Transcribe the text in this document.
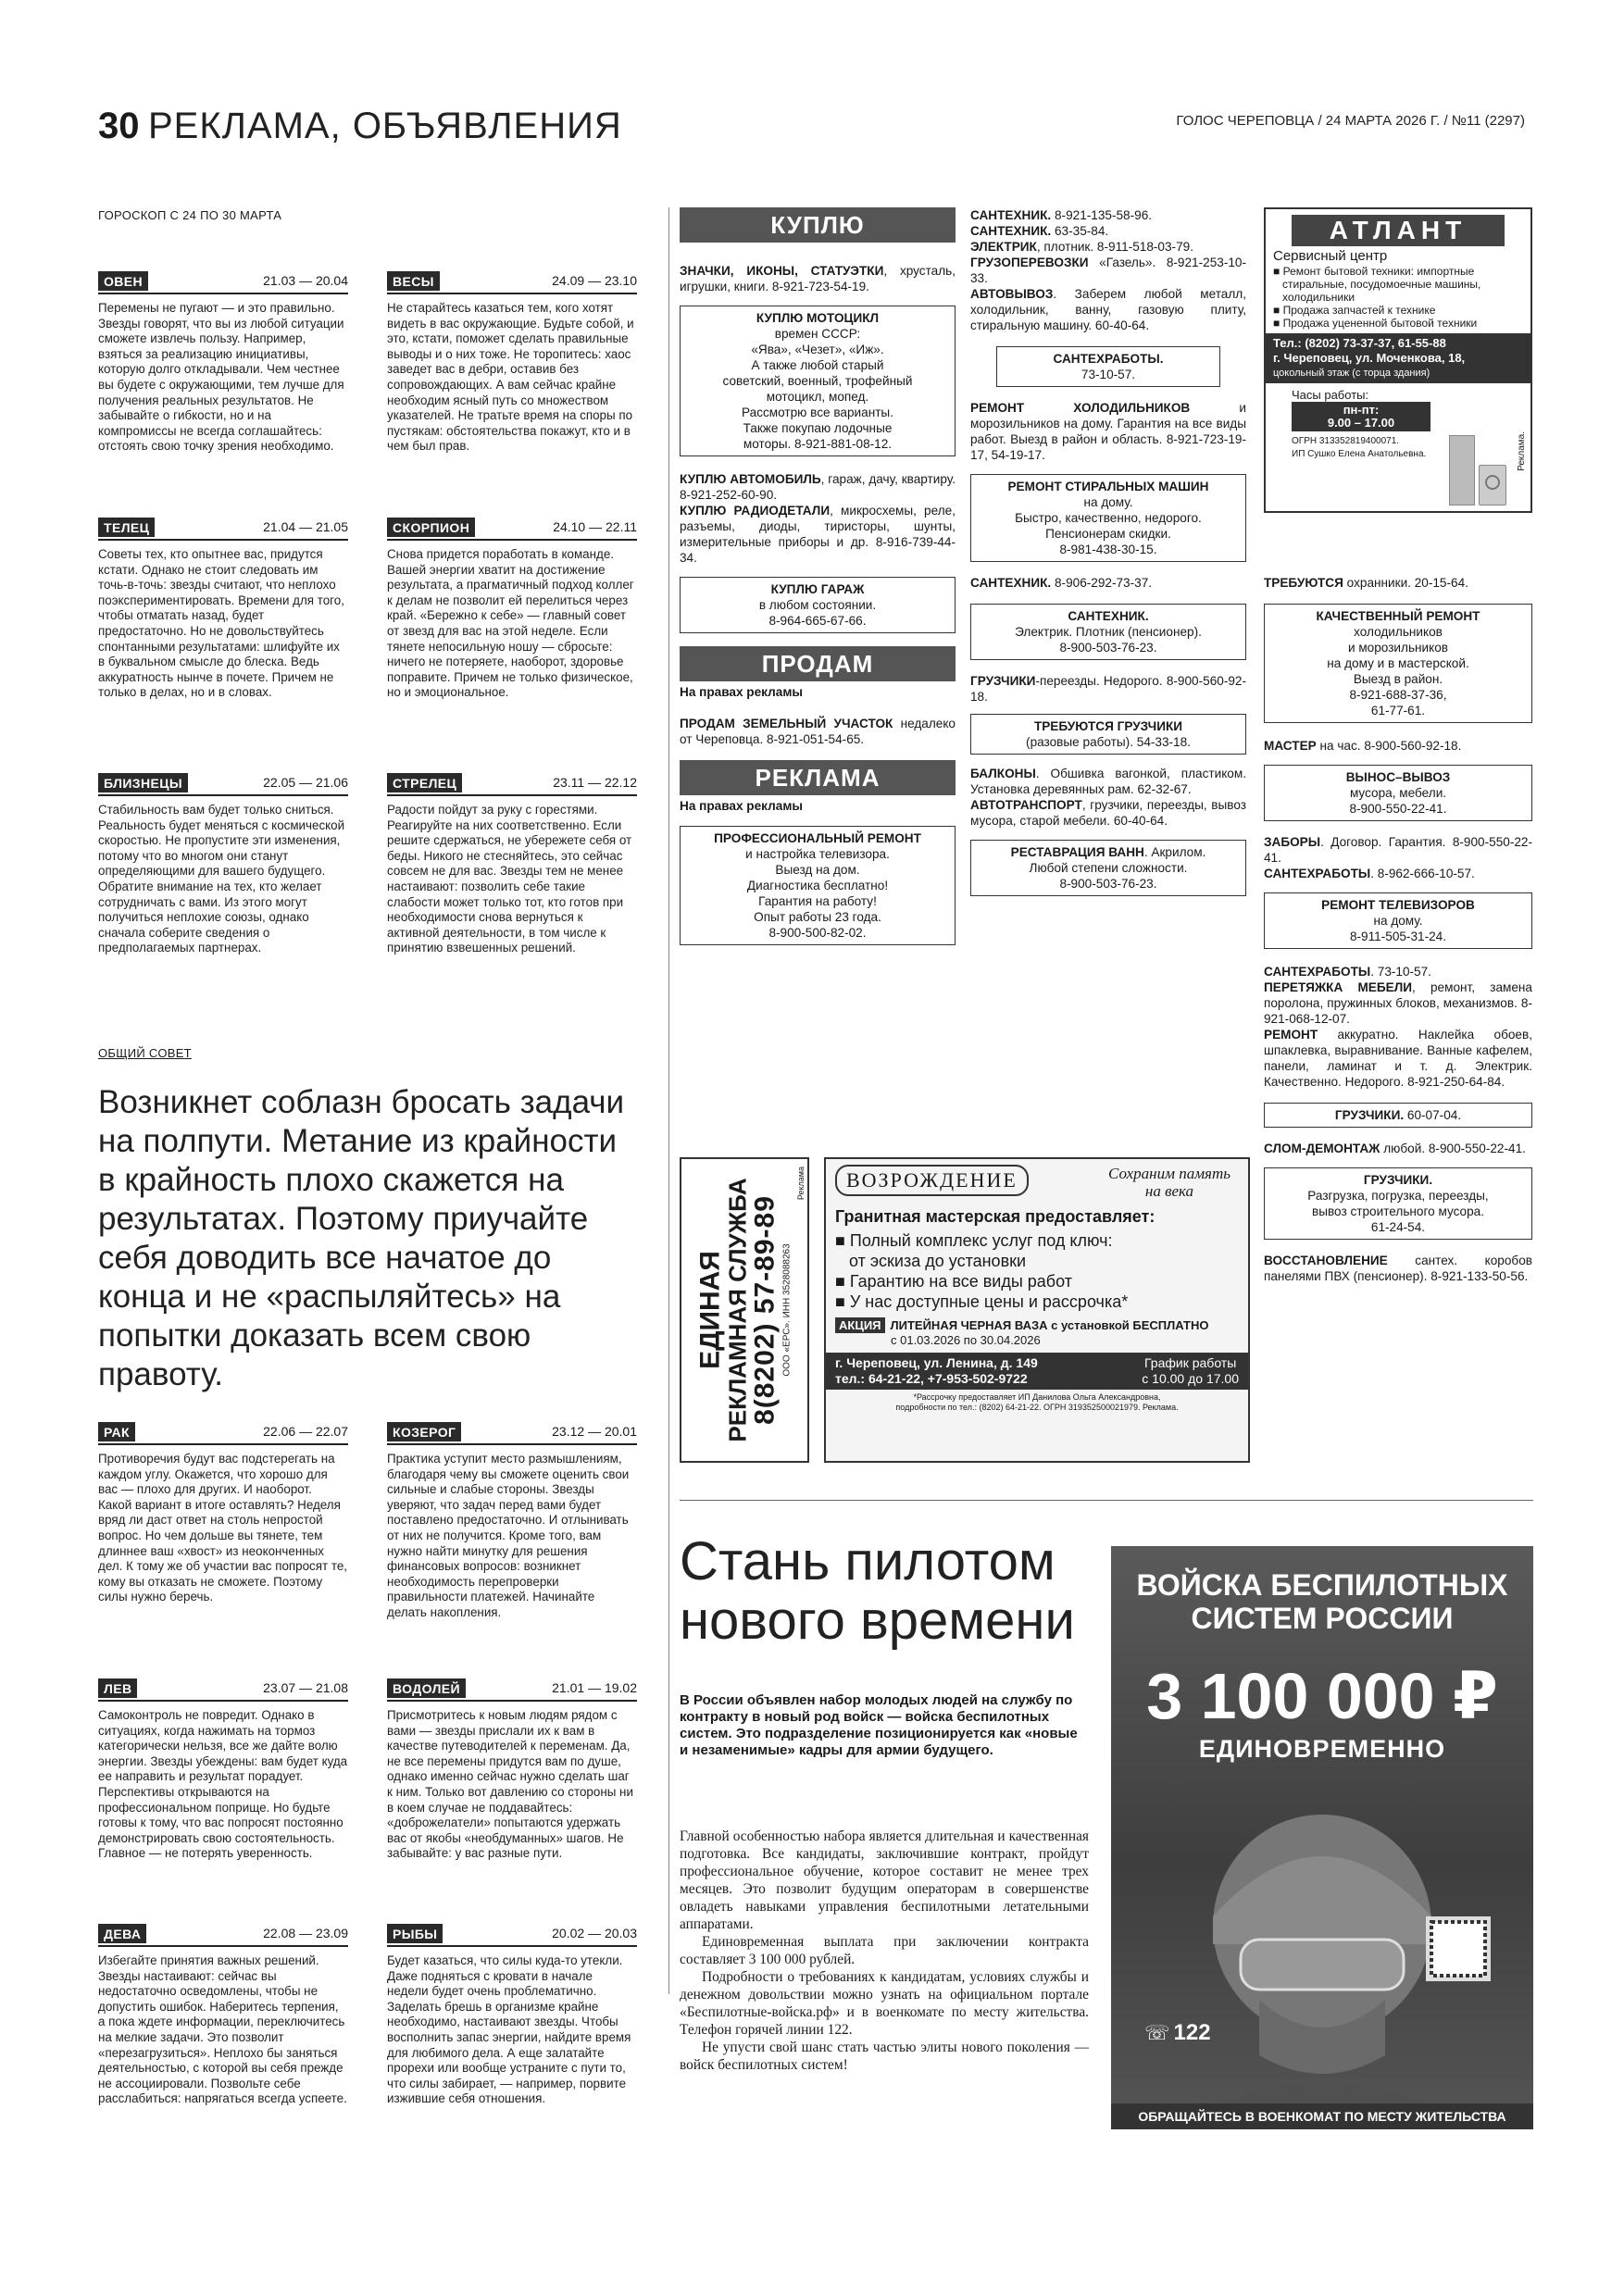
30 РЕКЛАМА, ОБЪЯВЛЕНИЯ	ГОЛОС ЧЕРЕПОВЦА / 24 МАРТА 2026 Г. / №11 (2297)
ГОРОСКОП С 24 ПО 30 МАРТА
ОВЕН	21.03 — 20.04
Перемены не пугают — и это правильно. Звезды говорят, что вы из любой ситуации сможете извлечь пользу. Например, взяться за реализацию инициативы, которую долго откладывали. Чем честнее вы будете с окружающими, тем лучше для получения реальных результатов. Не забывайте о гибкости, но и на компромиссы не всегда соглашайтесь: отстоять свою точку зрения необходимо.
ВЕСЫ	24.09 — 23.10
Не старайтесь казаться тем, кого хотят видеть в вас окружающие. Будьте собой, и это, кстати, поможет сделать правильные выводы и о них тоже. Не торопитесь: хаос заведет вас в дебри, оставив без сопровождающих. А вам сейчас крайне необходим ясный путь со множеством указателей. Не тратьте время на споры по пустякам: обстоятельства покажут, кто и в чем был прав.
ТЕЛЕЦ	21.04 — 21.05
Советы тех, кто опытнее вас, придутся кстати. Однако не стоит следовать им точь-в-точь: звезды считают, что неплохо поэкспериментировать. Времени для того, чтобы отматать назад, будет предостаточно. Но не довольствуйтесь спонтанными результатами: шлифуйте их в буквальном смысле до блеска. Ведь аккуратность нынче в почете. Причем не только в делах, но и в словах.
СКОРПИОН	24.10 — 22.11
Снова придется поработать в команде. Вашей энергии хватит на достижение результата, а прагматичный подход коллег к делам не позволит ей перелиться через край. «Бережно к себе» — главный совет от звезд для вас на этой неделе. Если тянете непосильную ношу — сбросьте: ничего не потеряете, наоборот, здоровье поправите. Причем не только физическое, но и эмоциональное.
БЛИЗНЕЦЫ	22.05 — 21.06
Стабильность вам будет только сниться. Реальность будет меняться с космической скоростью. Не пропустите эти изменения, потому что во многом они станут определяющими для вашего будущего. Обратите внимание на тех, кто желает сотрудничать с вами. Из этого могут получиться неплохие союзы, однако сначала соберите сведения о предполагаемых партнерах.
СТРЕЛЕЦ	23.11 — 22.12
Радости пойдут за руку с горестями. Реагируйте на них соответственно. Если решите сдержаться, не убережете себя от беды. Никого не стесняйтесь, это сейчас совсем не для вас. Звезды тем не менее настаивают: позволить себе такие слабости может только тот, кто готов при необходимости снова вернуться к активной деятельности, в том числе к принятию взвешенных решений.
РАК	22.06 — 22.07
Противоречия будут вас подстерегать на каждом углу. Окажется, что хорошо для вас — плохо для других. И наоборот. Какой вариант в итоге оставлять? Неделя вряд ли даст ответ на столь непростой вопрос. Но чем дольше вы тянете, тем длиннее ваш «хвост» из неоконченных дел. К тому же об участии вас попросят те, кому вы отказать не сможете. Поэтому силы нужно беречь.
КОЗЕРОГ	23.12 — 20.01
Практика уступит место размышлениям, благодаря чему вы сможете оценить свои сильные и слабые стороны. Звезды уверяют, что задач перед вами будет поставлено предостаточно. И отлынивать от них не получится. Кроме того, вам нужно найти минутку для решения финансовых вопросов: возникнет необходимость перепроверки правильности платежей. Начинайте делать накопления.
ЛЕВ	23.07 — 21.08
Самоконтроль не повредит. Однако в ситуациях, когда нажимать на тормоз категорически нельзя, все же дайте волю энергии. Звезды убеждены: вам будет куда ее направить и результат порадует. Перспективы открываются на профессиональном поприще. Но будьте готовы к тому, что вас попросят постоянно демонстрировать свою состоятельность. Главное — не потерять уверенность.
ВОДОЛЕЙ	21.01 — 19.02
Присмотритесь к новым людям рядом с вами — звезды прислали их к вам в качестве путеводителей к переменам. Да, не все перемены придутся вам по душе, однако именно сейчас нужно сделать шаг к ним. Только вот давлению со стороны ни в коем случае не поддавайтесь: «доброжелатели» попытаются удержать вас от якобы «необдуманных» шагов. Не забывайте: у вас разные пути.
ДЕВА	22.08 — 23.09
Избегайте принятия важных решений. Звезды настаивают: сейчас вы недостаточно осведомлены, чтобы не допустить ошибок. Наберитесь терпения, а пока ждете информации, переключитесь на мелкие задачи. Это позволит «перезагрузиться». Неплохо бы заняться деятельностью, с которой вы себя прежде не ассоциировали. Позвольте себе расслабиться: напрягаться всегда успеете.
РЫБЫ	20.02 — 20.03
Будет казаться, что силы куда-то утекли. Даже подняться с кровати в начале недели будет очень проблематично. Заделать брешь в организме крайне необходимо, настаивают звезды. Чтобы восполнить запас энергии, найдите время для любимого дела. А еще залатайте прорехи или вообще устраните с пути то, что силы забирает, — например, порвите изжившие себя отношения.
ОБЩИЙ СОВЕТ
Возникнет соблазн бросать задачи на полпути. Метание из крайности в крайность плохо скажется на результатах. Поэтому приучайте себя доводить все начатое до конца и не «распыляйтесь» на попытки доказать всем свою правоту.
КУПЛЮ
ЗНАЧКИ, ИКОНЫ, СТАТУЭТКИ, хрусталь, игрушки, книги. 8-921-723-54-19.
КУПЛЮ МОТОЦИКЛ
времен СССР:
«Ява», «Чезет», «Иж».
А также любой старый
советский, военный, трофейный
мотоцикл, мопед.
Рассмотрю все варианты.
Также покупаю лодочные
моторы. 8-921-881-08-12.
КУПЛЮ АВТОМОБИЛЬ, гараж, дачу, квартиру. 8-921-252-60-90.
КУПЛЮ РАДИОДЕТАЛИ, микросхемы, реле, разъемы, диоды, тиристоры, шунты, измерительные приборы и др. 8-916-739-44-34.
КУПЛЮ ГАРАЖ
в любом состоянии.
8-964-665-67-66.
ПРОДАМ
На правах рекламы
ПРОДАМ ЗЕМЕЛЬНЫЙ УЧАСТОК недалеко от Череповца. 8-921-051-54-65.
РЕКЛАМА
На правах рекламы
ПРОФЕССИОНАЛЬНЫЙ РЕМОНТ
и настройка телевизора.
Выезд на дом.
Диагностика бесплатно!
Гарантия на работу!
Опыт работы 23 года.
8-900-500-82-02.
САНТЕХНИК. 8-921-135-58-96.
САНТЕХНИК. 63-35-84.
ЭЛЕКТРИК, плотник. 8-911-518-03-79.
ГРУЗОПЕРЕВОЗКИ «Газель». 8-921-253-10-33.
АВТОВЫВОЗ. Заберем любой металл, холодильник, ванну, газовую плиту, стиральную машину. 60-40-64.
САНТЕХРАБОТЫ.
73-10-57.
РЕМОНТ ХОЛОДИЛЬНИКОВ и морозильников на дому. Гарантия на все виды работ. Выезд в район и область. 8-921-723-19-17, 54-19-17.
РЕМОНТ СТИРАЛЬНЫХ МАШИН
на дому.
Быстро, качественно, недорого.
Пенсионерам скидки.
8-981-438-30-15.
САНТЕХНИК. 8-906-292-73-37.
САНТЕХНИК.
Электрик. Плотник (пенсионер).
8-900-503-76-23.
ГРУЗЧИКИ-переезды. Недорого. 8-900-560-92-18.
ТРЕБУЮТСЯ ГРУЗЧИКИ
(разовые работы). 54-33-18.
БАЛКОНЫ. Обшивка вагонкой, пластиком. Установка деревянных рам. 62-32-67.
АВТОТРАНСПОРТ, грузчики, переезды, вывоз мусора, старой мебели. 60-40-64.
РЕСТАВРАЦИЯ ВАНН. Акрилом.
Любой степени сложности.
8-900-503-76-23.
АТЛАНТ
Сервисный центр
■ Ремонт бытовой техники: импортные стиральные, посудомоечные машины, холодильники
■ Продажа запчастей к технике
■ Продажа уцененной бытовой техники
Тел.: (8202) 73-37-37, 61-55-88
г. Череповец, ул. Моченкова, 18,
цокольный этаж (с торца здания)
Часы работы:
пн-пт:
9.00 – 17.00
ОГРН 313352819400071.
ИП Сушко Елена Анатольевна.	Реклама.
ТРЕБУЮТСЯ охранники. 20-15-64.
КАЧЕСТВЕННЫЙ РЕМОНТ
холодильников
и морозильников
на дому и в мастерской.
Выезд в район.
8-921-688-37-36,
61-77-61.
МАСТЕР на час. 8-900-560-92-18.
ВЫНОС–ВЫВОЗ
мусора, мебели.
8-900-550-22-41.
ЗАБОРЫ. Договор. Гарантия. 8-900-550-22-41.
САНТЕХРАБОТЫ. 8-962-666-10-57.
РЕМОНТ ТЕЛЕВИЗОРОВ
на дому.
8-911-505-31-24.
САНТЕХРАБОТЫ. 73-10-57.
ПЕРЕТЯЖКА МЕБЕЛИ, ремонт, замена поролона, пружинных блоков, механизмов. 8-921-068-12-07.
РЕМОНТ аккуратно. Наклейка обоев, шпаклевка, выравнивание. Ванные кафелем, панели, ламинат и т. д. Электрик. Качественно. Недорого. 8-921-250-64-84.
ГРУЗЧИКИ. 60-07-04.
СЛОМ-ДЕМОНТАЖ любой. 8-900-550-22-41.
ГРУЗЧИКИ.
Разгрузка, погрузка, переезды,
вывоз строительного мусора.
61-24-54.
ВОССТАНОВЛЕНИЕ сантех. коробов панелями ПВХ (пенсионер). 8-921-133-50-56.
ЕДИНАЯ
РЕКЛАМНАЯ СЛУЖБА
8(8202) 57-89-89 ООО «ЕРС». ИНН 3528088263
Реклама	ВОЗРОЖДЕНИЕ	Сохраним память на века
Гранитная мастерская предоставляет:
■ Полный комплекс услуг под ключ:
от эскиза до установки
■ Гарантию на все виды работ
■ У нас доступные цены и рассрочка*
АКЦИЯ ЛИТЕЙНАЯ ЧЕРНАЯ ВАЗА с установкой БЕСПЛАТНО
с 01.03.2026 по 30.04.2026
г. Череповец, ул. Ленина, д. 149
тел.: 64-21-22, +7-953-502-9722
График работы
с 10.00 до 17.00
*Рассрочку предоставляет ИП Данилова Ольга Александровна,
подробности по тел.: (8202) 64-21-22. ОГРН 319352500021979. Реклама.
Стань пилотом
нового времени
В России объявлен набор молодых людей на службу по контракту в новый род войск — войска беспилотных систем. Это подразделение позиционируется как «новые и незаменимые» кадры для армии будущего.

Главной особенностью набора является длительная и качественная подготовка. Все кандидаты, заключившие контракт, пройдут профессиональное обучение, которое составит не менее трех месяцев. Это позволит будущим операторам в совершенстве овладеть навыками управления беспилотными летательными аппаратами.

Единовременная выплата при заключении контракта составляет 3 100 000 рублей.

Подробности о требованиях к кандидатам, условиях службы и денежном довольствии можно узнать на официальном портале «Беспилотные-войска.рф» и в военкомате по месту жительства. Телефон горячей линии 122.

Не упусти свой шанс стать частью элиты нового поколения — войск беспилотных систем!

ВОЙСКА БЕСПИЛОТНЫХ
СИСТЕМ РОССИИ
3 100 000 ₽
ЕДИНОВРЕМЕННО
☏ 122
ОБРАЩАЙТЕСЬ В ВОЕНКОМАТ ПО МЕСТУ ЖИТЕЛЬСТВА
